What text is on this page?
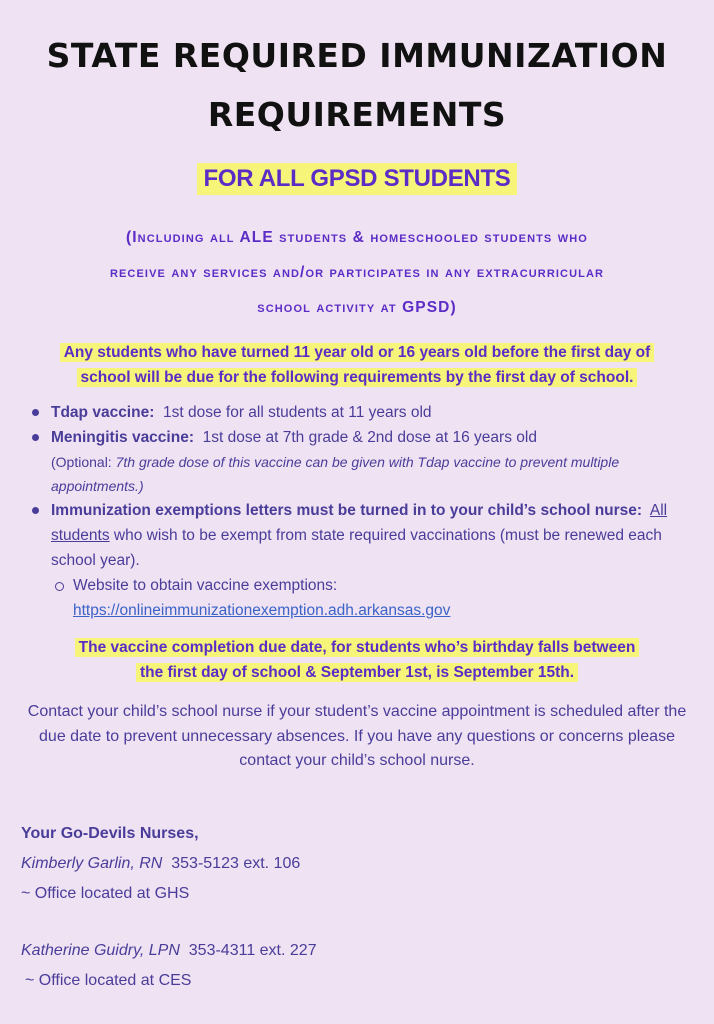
STATE REQUIRED IMMUNIZATION
REQUIREMENTS
FOR ALL GPSD STUDENTS
(Including all ALE students & homeschooled students who
receive any services and/or participates in any extracurricular
school activity at GPSD)
Any students who have turned 11 year old or 16 years old before the first day of
school will be due for the following requirements by the first day of school.
Tdap vaccine: 1st dose for all students at 11 years old
Meningitis vaccine: 1st dose at 7th grade & 2nd dose at 16 years old
(Optional: 7th grade dose of this vaccine can be given with Tdap vaccine to prevent multiple appointments.)
Immunization exemptions letters must be turned in to your child’s school nurse: All students who wish to be exempt from state required vaccinations (must be renewed each school year).
Website to obtain vaccine exemptions:
https://onlineimmunizationexemption.adh.arkansas.gov
The vaccine completion due date, for students who’s birthday falls between
the first day of school & September 1st, is September 15th.
Contact your child’s school nurse if your student’s vaccine appointment is scheduled after the due date to prevent unnecessary absences. If you have any questions or concerns please contact your child’s school nurse.
Your Go-Devils Nurses,
Kimberly Garlin, RN 353-5123 ext. 106
~ Office located at GHS
Katherine Guidry, LPN 353-4311 ext. 227
~ Office located at CES
